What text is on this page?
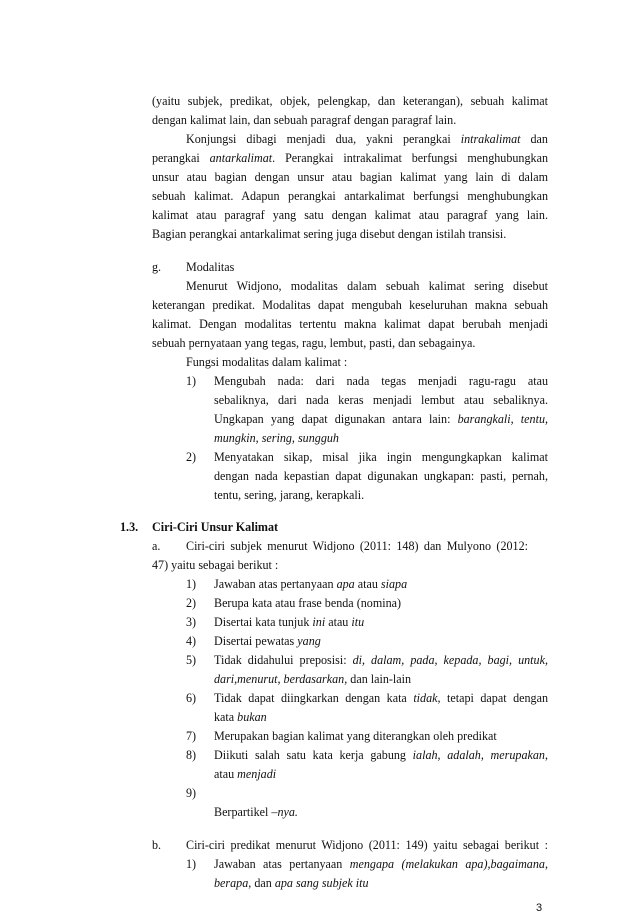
(yaitu subjek, predikat, objek, pelengkap, dan keterangan), sebuah kalimat
dengan kalimat lain, dan sebuah paragraf dengan paragraf lain.
Konjungsi dibagi menjadi dua, yakni perangkai intrakalimat dan
perangkai antarkalimat. Perangkai intrakalimat berfungsi menghubungkan
unsur atau bagian dengan unsur atau bagian kalimat yang lain di dalam
sebuah kalimat. Adapun perangkai antarkalimat berfungsi menghubungkan
kalimat atau paragraf yang satu dengan kalimat atau paragraf yang lain.
Bagian perangkai antarkalimat sering juga disebut dengan istilah transisi.
g. Modalitas
Menurut Widjono, modalitas dalam sebuah kalimat sering disebut
keterangan predikat. Modalitas dapat mengubah keseluruhan makna sebuah
kalimat. Dengan modalitas tertentu makna kalimat dapat berubah menjadi
sebuah pernyataan yang tegas, ragu, lembut, pasti, dan sebagainya.
Fungsi modalitas dalam kalimat :
1) Mengubah nada: dari nada tegas menjadi ragu-ragu atau
sebaliknya, dari nada keras menjadi lembut atau sebaliknya.
Ungkapan yang dapat digunakan antara lain: barangkali, tentu,
mungkin, sering, sungguh
2) Menyatakan sikap, misal jika ingin mengungkapkan kalimat
dengan nada kepastian dapat digunakan ungkapan: pasti, pernah,
tentu, sering, jarang, kerapkali.
1.3. Ciri-Ciri Unsur Kalimat
a. Ciri-ciri subjek menurut Widjono (2011: 148) dan Mulyono (2012:
47) yaitu sebagai berikut :
1) Jawaban atas pertanyaan apa atau siapa
2) Berupa kata atau frase benda (nomina)
3) Disertai kata tunjuk ini atau itu
4) Disertai pewatas yang
5) Tidak didahului preposisi: di, dalam, pada, kepada, bagi, untuk,
dari,menurut, berdasarkan, dan lain-lain
6) Tidak dapat diingkarkan dengan kata tidak, tetapi dapat dengan
kata bukan
7) Merupakan bagian kalimat yang diterangkan oleh predikat
8) Diikuti salah satu kata kerja gabung ialah, adalah, merupakan,
atau menjadi
9)
Berpartikel –nya.
b. Ciri-ciri predikat menurut Widjono (2011: 149) yaitu sebagai berikut :
1) Jawaban atas pertanyaan mengapa (melakukan apa),bagaimana,
berapa, dan apa sang subjek itu
3
